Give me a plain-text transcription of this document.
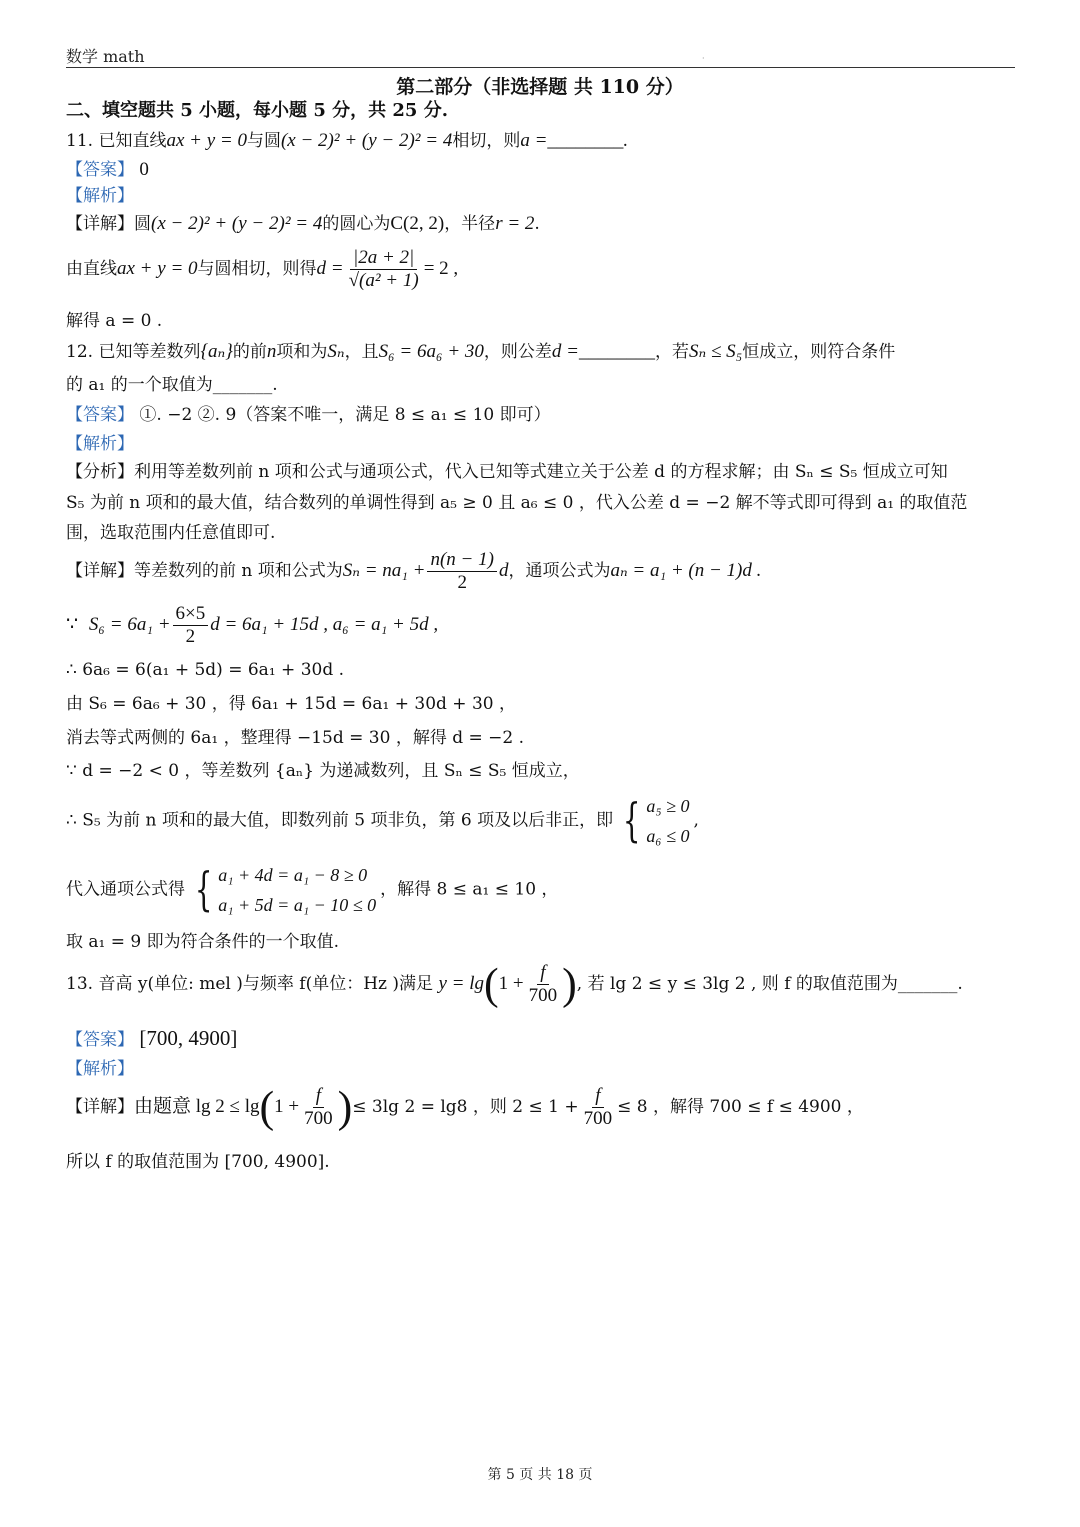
数学 math	·
第二部分（非选择题 共 110 分）
二、填空题共 5 小题，每小题 5 分，共 25 分.
11. 已知直线ax + y = 0与圆(x − 2)² + (y − 2)² = 4相切，则a =________.
【答案】 0
【解析】
【详解】圆(x − 2)² + (y − 2)² = 4的圆心为C(2, 2)，半径r = 2.
由直线ax + y = 0与圆相切，则得$d = \frac{|2a + 2|}{\text{√(a² + 1)}} = 2$ ,
解得 a = 0 .
12. 已知等差数列{aₙ}的前n项和为Sₙ，且S₆ = 6a₆ + 30，则公差d =________，若Sₙ ≤ S₅恒成立，则符合条件
的 a₁ 的一个取值为_______.
【答案】 ①. −2 ②. 9（答案不唯一，满足 8 ≤ a₁ ≤ 10 即可）
【解析】
【分析】利用等差数列前 n 项和公式与通项公式，代入已知等式建立关于公差 d 的方程求解；由 Sₙ ≤ S₅ 恒成立可知
S₅ 为前 n 项和的最大值，结合数列的单调性得到 a₅ ≥ 0 且 a₆ ≤ 0 ，代入公差 d = −2 解不等式即可得到 a₁ 的取值范
围，选取范围内任意值即可.
【详解】等差数列的前 n 项和公式为$S_n = na_1 + \frac{n(n - 1)}{2}$ d，通项公式为aₙ = a₁ + (n − 1)d .
∵ $S_6 = 6a_1 + \frac{6\times 5}{2}$ d = 6a₁ + 15d , a₆ = a₁ + 5d ,
∴ 6a₆ = 6(a₁ + 5d) = 6a₁ + 30d .
由 S₆ = 6a₆ + 30 ，得 6a₁ + 15d = 6a₁ + 30d + 30 ，
消去等式两侧的 6a₁ ，整理得 −15d = 30 ，解得 d = −2 .
∵ d = −2 < 0 ，等差数列 {aₙ} 为递减数列，且 Sₙ ≤ S₅ 恒成立，
∴ S₅ 为前 n 项和的最大值，即数列前 5 项非负，第 6 项及以后非正，即 { a₅ ≥ 0
a₆ ≤ 0
,
代入通项公式得 { a₁ + 4d = a₁ − 8 ≥ 0
a₁ + 5d = a₁ − 10 ≤ 0
，解得 8 ≤ a₁ ≤ 10 ，
取 a₁ = 9 即为符合条件的一个取值.
13. 音高 y(单位: mel )与频率 f(单位：Hz )满足 $y = \lg(1 + \frac{f}{700}$ ), 若 lg 2 ≤ y ≤ 3lg 2 , 则 f 的取值范围为_______.
【答案】 [700, 4900]
【解析】
【详解】由题意 $\lg 2 \le \lg(1 + \frac{f}{700}$ )≤ 3lg 2 = lg8 ，则 $2 \le 1 + \frac{f}{700} \le 8$ ，解得 700 ≤ f ≤ 4900 ，
所以 f 的取值范围为 [700, 4900].
第 5 页 共 18 页
